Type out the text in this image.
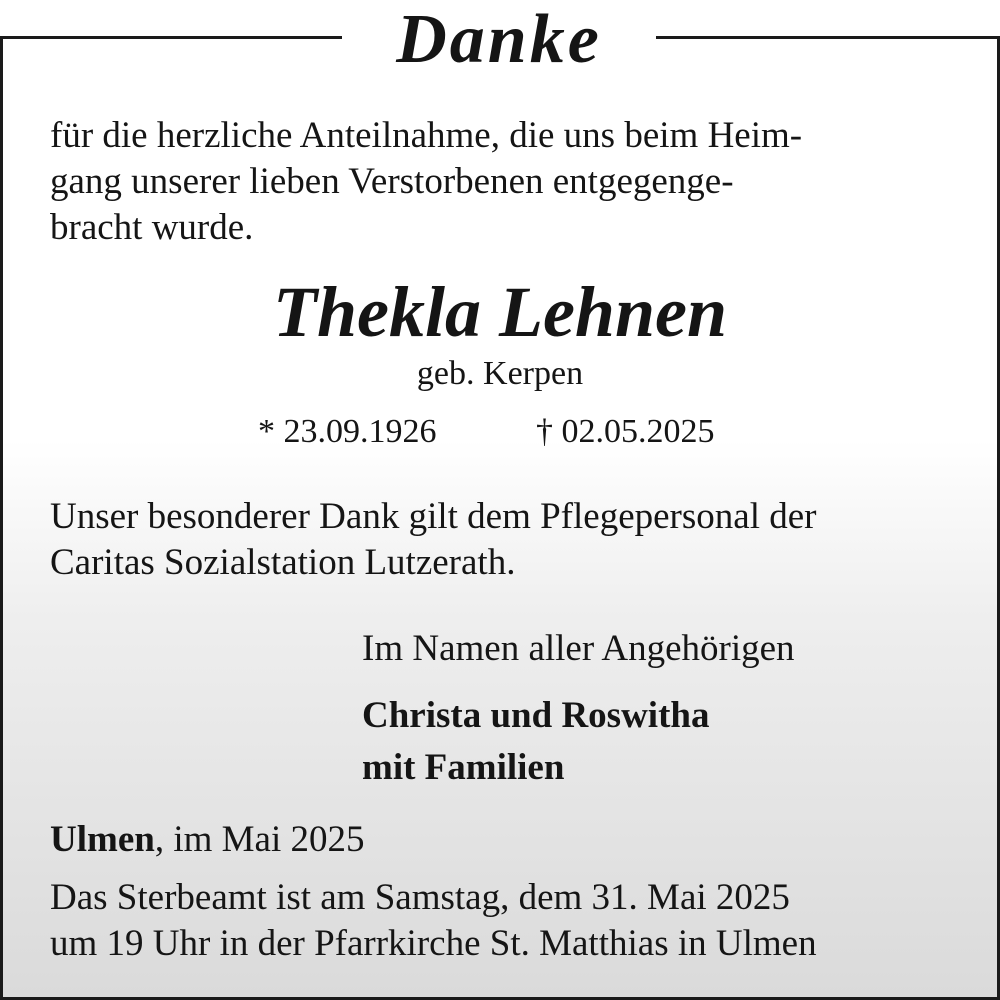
Danke
für die herzliche Anteilnahme, die uns beim Heim-
gang unserer lieben Verstorbenen entgegenge-
bracht wurde.
Thekla Lehnen
geb. Kerpen
* 23.09.1926	† 02.05.2025
Unser besonderer Dank gilt dem Pflegepersonal der
Caritas Sozialstation Lutzerath.
Im Namen aller Angehörigen
Christa und Roswitha
mit Familien
Ulmen, im Mai 2025
Das Sterbeamt ist am Samstag, dem 31. Mai 2025
um 19 Uhr in der Pfarrkirche St. Matthias in Ulmen
